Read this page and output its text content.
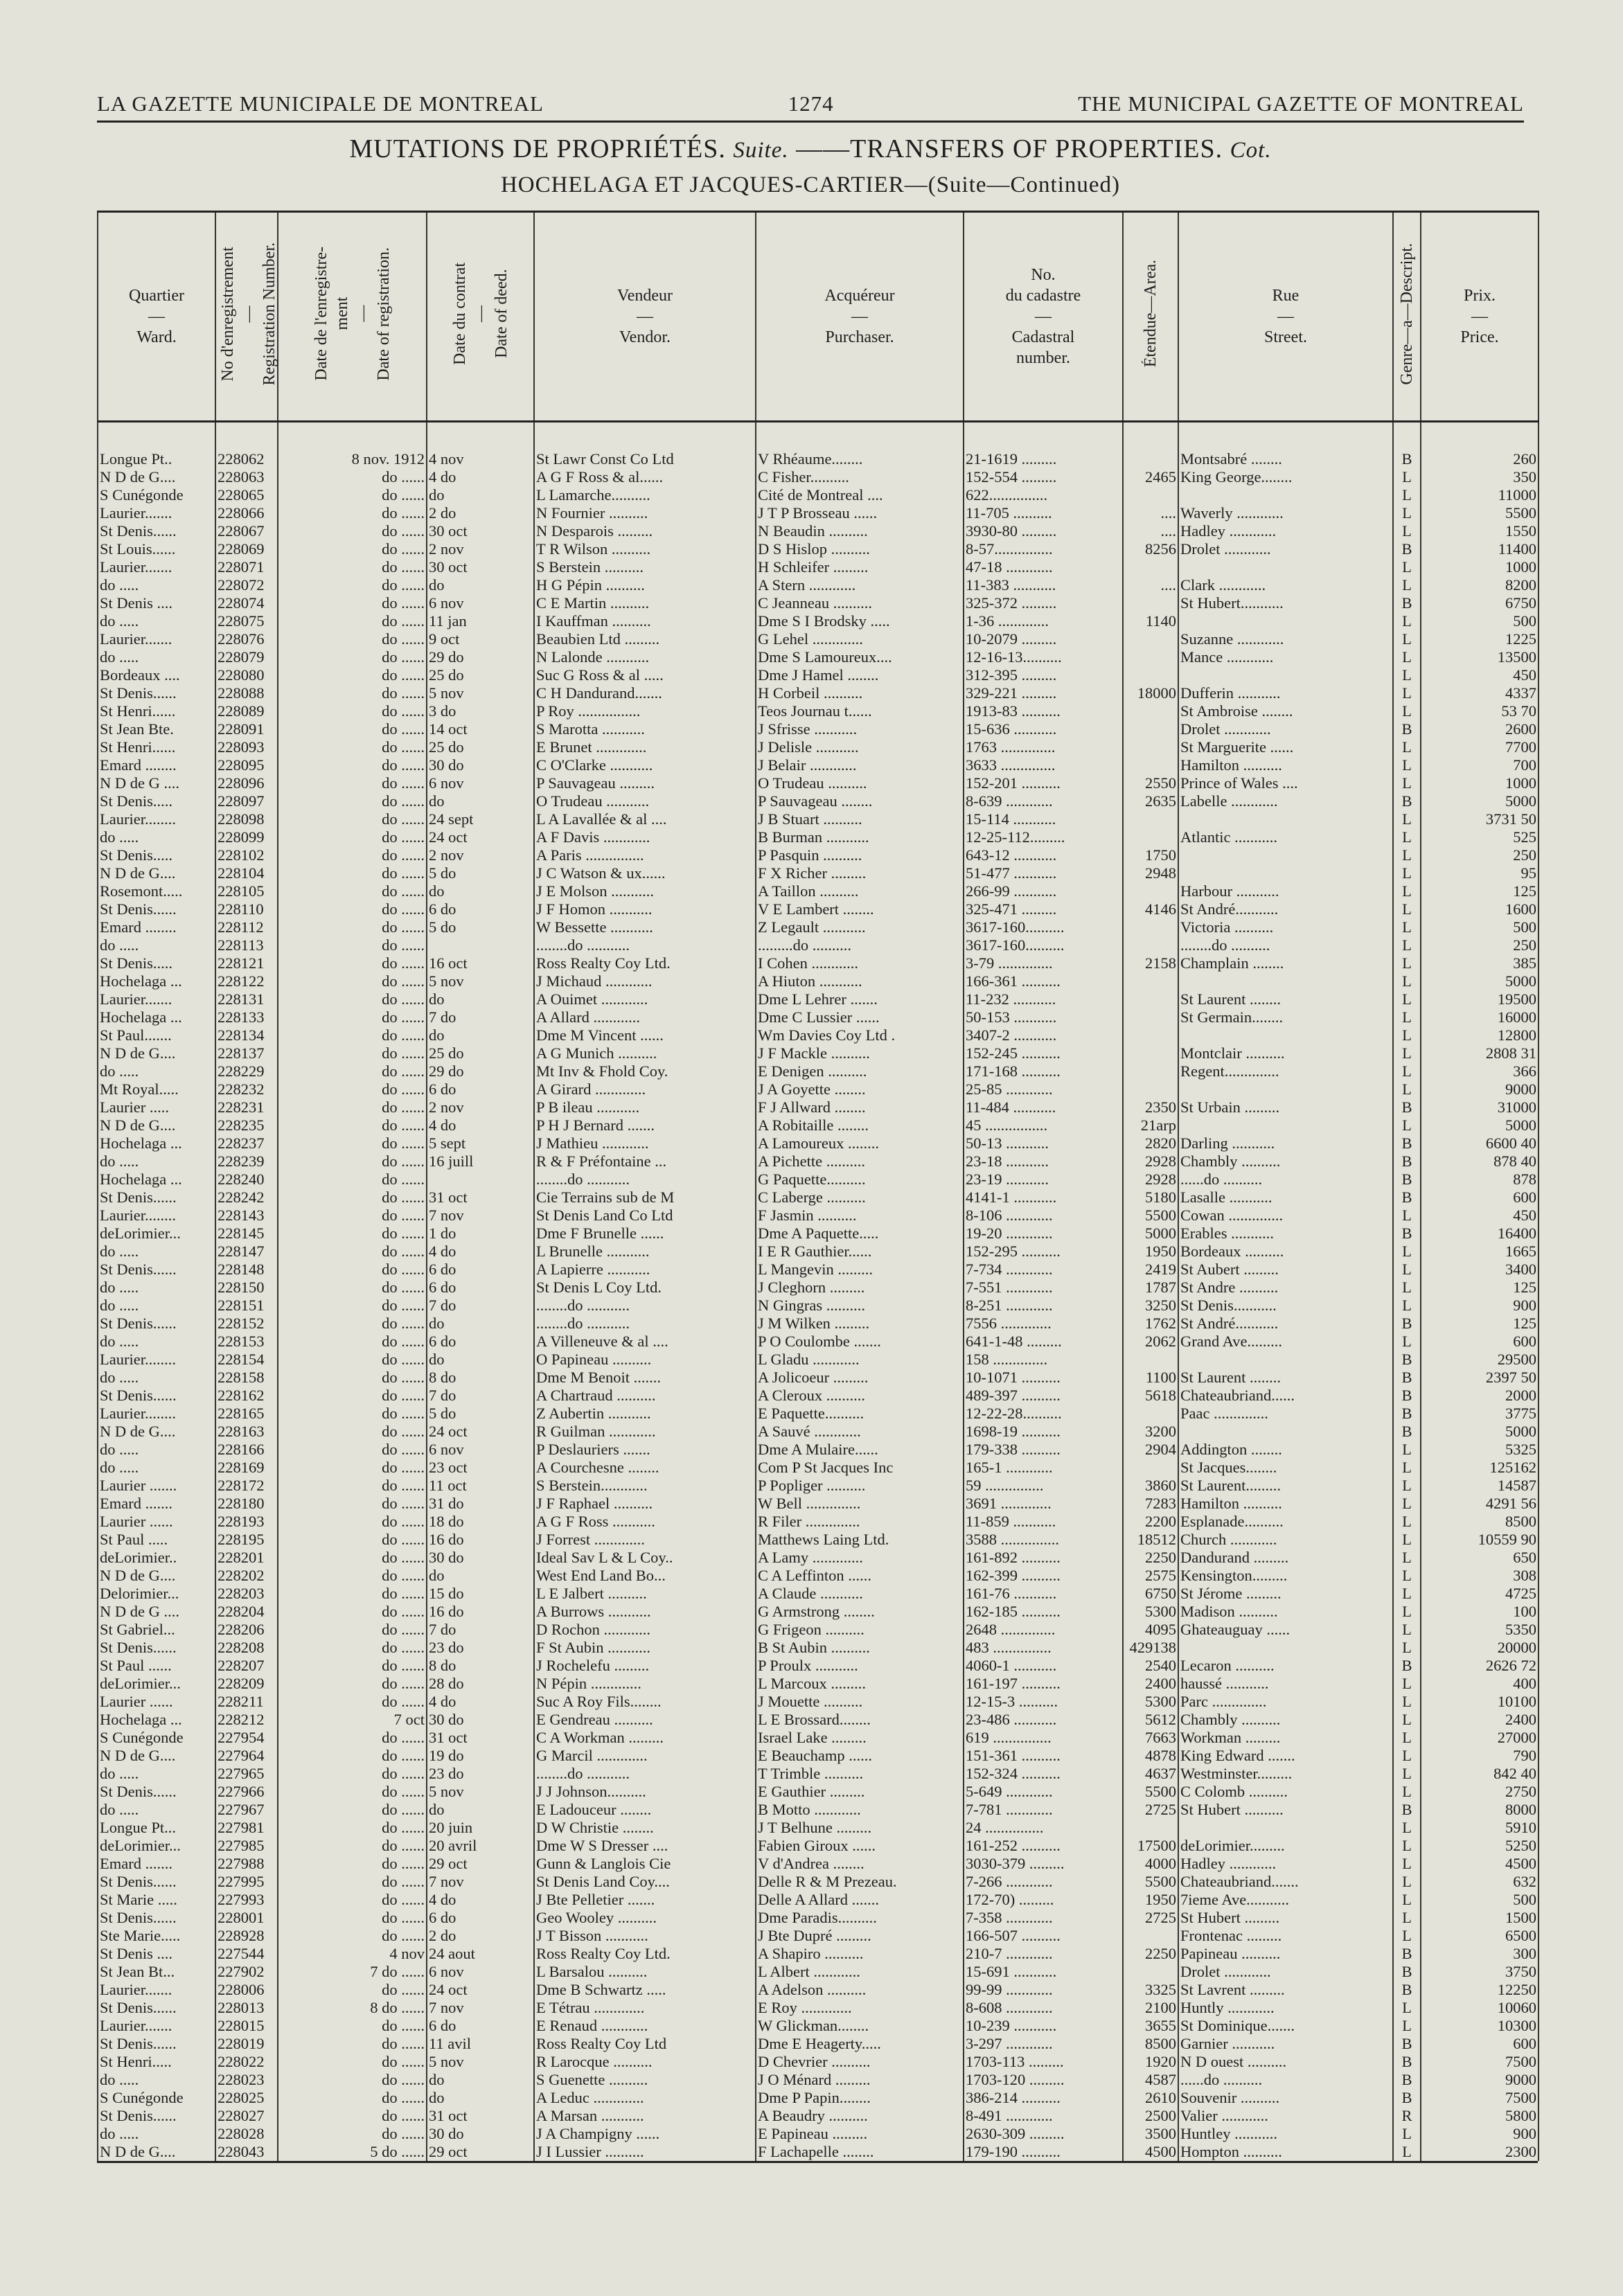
LA GAZETTE MUNICIPALE DE MONTREAL	1274	THE MUNICIPAL GAZETTE OF MONTREAL
MUTATIONS DE PROPRIÉTÉS. Suite. ——TRANSFERS OF PROPERTIES. Cot.
HOCHELAGA ET JACQUES-CARTIER—(Suite—Continued)
Quartier
—
Ward.	No d'enregistrement
—
Registration Number.	Date de l'enregistre-
ment
—
Date of registration.	Date du contrat
—
Date of deed.	Vendeur
—
Vendor.	Acquéreur
—
Purchaser.	No.
du cadastre
—
Cadastral
number.	Étendue—Area.	Rue
—
Street.	Genre—a—Descript.	Prix.
—
Price.
Longue Pt..	228062	8 nov. 1912	4 nov	St Lawr Const Co Ltd	V Rhéaume........	21-1619 .........		Montsabré ........	B	260
N D de G....	228063	do ......	4 do	A G F Ross & al......	C Fisher..........	152-554 .........	2465	King George........	L	350
S Cunégonde	228065	do ......	do	L Lamarche..........	Cité de Montreal ....	622...............			L	11000
Laurier.......	228066	do ......	2 do	N Fournier ..........	J T P Brosseau ......	11-705 ..........	....	Waverly ............	L	5500
St Denis......	228067	do ......	30 oct	N Desparois .........	N Beaudin ..........	3930-80 .........	....	Hadley ............	L	1550
St Louis......	228069	do ......	2 nov	T R Wilson ..........	D S Hislop ..........	8-57...............	8256	Drolet ............	B	11400
Laurier.......	228071	do ......	30 oct	S Berstein ..........	H Schleifer .........	47-18 ............			L	1000
do .....	228072	do ......	do	H G Pépin ..........	A Stern ............	11-383 ...........	....	Clark ............	L	8200
St Denis ....	228074	do ......	6 nov	C E Martin ..........	C Jeanneau ..........	325-372 .........		St Hubert...........	B	6750
do .....	228075	do ......	11 jan	I Kauffman ..........	Dme S I Brodsky .....	1-36 .............	1140		L	500
Laurier.......	228076	do ......	9 oct	Beaubien Ltd .........	G Lehel .............	10-2079 .........		Suzanne ............	L	1225
do .....	228079	do ......	29 do	N Lalonde ...........	Dme S Lamoureux....	12-16-13..........		Mance ............	L	13500
Bordeaux ....	228080	do ......	25 do	Suc G Ross & al .....	Dme J Hamel ........	312-395 .........			L	450
St Denis......	228088	do ......	5 nov	C H Dandurand.......	H Corbeil ..........	329-221 .........	18000	Dufferin ...........	L	4337
St Henri......	228089	do ......	3 do	P Roy ................	Teos Journau t......	1913-83 ..........		St Ambroise ........	L	53 70
St Jean Bte.	228091	do ......	14 oct	S Marotta ...........	J Sfrisse ...........	15-636 ...........		Drolet ............	B	2600
St Henri......	228093	do ......	25 do	E Brunet .............	J Delisle ...........	1763 ..............		St Marguerite ......	L	7700
Emard ........	228095	do ......	30 do	C O'Clarke ...........	J Belair ............	3633 ..............		Hamilton ..........	L	700
N D de G ....	228096	do ......	6 nov	P Sauvageau .........	O Trudeau ..........	152-201 ..........	2550	Prince of Wales ....	L	1000
St Denis.....	228097	do ......	do	O Trudeau ...........	P Sauvageau ........	8-639 ............	2635	Labelle ............	B	5000
Laurier........	228098	do ......	24 sept	L A Lavallée & al ....	J B Stuart ..........	15-114 ...........			L	3731 50
do .....	228099	do ......	24 oct	A F Davis ............	B Burman ...........	12-25-112.........		Atlantic ...........	L	525
St Denis.....	228102	do ......	2 nov	A Paris ...............	P Pasquin ..........	643-12 ...........	1750		L	250
N D de G....	228104	do ......	5 do	J C Watson & ux......	F X Richer .........	51-477 ...........	2948		L	95
Rosemont.....	228105	do ......	do	J E Molson ...........	A Taillon ..........	266-99 ...........		Harbour ...........	L	125
St Denis......	228110	do ......	6 do	J F Homon ...........	V E Lambert ........	325-471 .........	4146	St André...........	L	1600
Emard ........	228112	do ......	5 do	W Bessette ...........	Z Legault ...........	3617-160..........		Victoria ..........	L	500
do .....	228113	do ......		........do ...........	.........do ..........	3617-160..........		........do ..........	L	250
St Denis.....	228121	do ......	16 oct	Ross Realty Coy Ltd.	I Cohen ............	3-79 ..............	2158	Champlain ........	L	385
Hochelaga ...	228122	do ......	5 nov	J Michaud ............	A Hiuton ...........	166-361 ..........			L	5000
Laurier.......	228131	do ......	do	A Ouimet ............	Dme L Lehrer .......	11-232 ...........		St Laurent ........	L	19500
Hochelaga ...	228133	do ......	7 do	A Allard ............	Dme C Lussier ......	50-153 ...........		St Germain........	L	16000
St Paul.......	228134	do ......	do	Dme M Vincent ......	Wm Davies Coy Ltd .	3407-2 ...........			L	12800
N D de G....	228137	do ......	25 do	A G Munich ..........	J F Mackle ..........	152-245 ..........		Montclair ..........	L	2808 31
do .....	228229	do ......	29 do	Mt Inv & Fhold Coy.	E Denigen ..........	171-168 ..........		Regent..............	L	366
Mt Royal.....	228232	do ......	6 do	A Girard .............	J A Goyette ........	25-85 ............			L	9000
Laurier .....	228231	do ......	2 nov	P B ileau ...........	F J Allward ........	11-484 ...........	2350	St Urbain .........	B	31000
N D de G....	228235	do ......	4 do	P H J Bernard .......	A Robitaille ........	45 ................	21arp		L	5000
Hochelaga ...	228237	do ......	5 sept	J Mathieu ............	A Lamoureux ........	50-13 ...........	2820	Darling ...........	B	6600 40
do .....	228239	do ......	16 juill	R & F Préfontaine ...	A Pichette ..........	23-18 ...........	2928	Chambly ..........	B	878 40
Hochelaga ...	228240	do ......		........do ...........	G Paquette..........	23-19 ...........	2928	......do ..........	B	878
St Denis......	228242	do ......	31 oct	Cie Terrains sub de M	C Laberge ..........	4141-1 ...........	5180	Lasalle ...........	B	600
Laurier........	228143	do ......	7 nov	St Denis Land Co Ltd	F Jasmin ..........	8-106 ............	5500	Cowan ..............	L	450
deLorimier...	228145	do ......	1 do	Dme F Brunelle ......	Dme A Paquette.....	19-20 ............	5000	Erables ...........	B	16400
do .....	228147	do ......	4 do	L Brunelle ...........	I E R Gauthier......	152-295 ..........	1950	Bordeaux ..........	L	1665
St Denis......	228148	do ......	6 do	A Lapierre ...........	L Mangevin .........	7-734 ............	2419	St Aubert .........	L	3400
do .....	228150	do ......	6 do	St Denis L Coy Ltd.	J Cleghorn .........	7-551 ............	1787	St Andre ..........	L	125
do .....	228151	do ......	7 do	........do ...........	N Gingras ..........	8-251 ............	3250	St Denis...........	L	900
St Denis......	228152	do ......	do	........do ...........	J M Wilken .........	7556 .............	1762	St André...........	B	125
do .....	228153	do ......	6 do	A Villeneuve & al ....	P O Coulombe .......	641-1-48 .........	2062	Grand Ave.........	L	600
Laurier........	228154	do ......	do	O Papineau ..........	L Gladu ............	158 ..............			B	29500
do .....	228158	do ......	8 do	Dme M Benoit .......	A Jolicoeur .........	10-1071 ..........	1100	St Laurent ........	B	2397 50
St Denis......	228162	do ......	7 do	A Chartraud ..........	A Cleroux ..........	489-397 ..........	5618	Chateaubriand......	B	2000
Laurier........	228165	do ......	5 do	Z Aubertin ...........	E Paquette..........	12-22-28..........		Paac ..............	B	3775
N D de G....	228163	do ......	24 oct	R Guilman ............	A Sauvé ............	1698-19 ..........	3200		B	5000
do .....	228166	do ......	6 nov	P Deslauriers .......	Dme A Mulaire......	179-338 ..........	2904	Addington ........	L	5325
do .....	228169	do ......	23 oct	A Courchesne ........	Com P St Jacques Inc	165-1 ............		St Jacques........	L	125162
Laurier .......	228172	do ......	11 oct	S Berstein............	P Popliger ..........	59 ...............	3860	St Laurent.........	L	14587
Emard .......	228180	do ......	31 do	J F Raphael ..........	W Bell ..............	3691 .............	7283	Hamilton ..........	L	4291 56
Laurier ......	228193	do ......	18 do	A G F Ross ...........	R Filer ..............	11-859 ...........	2200	Esplanade..........	L	8500
St Paul .....	228195	do ......	16 do	J Forrest .............	Matthews Laing Ltd.	3588 ...............	18512	Church ............	L	10559 90
deLorimier..	228201	do ......	30 do	Ideal Sav L & L Coy..	A Lamy .............	161-892 ..........	2250	Dandurand .........	L	650
N D de G....	228202	do ......	do	West End Land Bo...	C A Leffinton ......	162-399 ..........	2575	Kensington.........	L	308
Delorimier...	228203	do ......	15 do	L E Jalbert ..........	A Claude ...........	161-76 ...........	6750	St Jérome .........	L	4725
N D de G ....	228204	do ......	16 do	A Burrows ...........	G Armstrong ........	162-185 ..........	5300	Madison ..........	L	100
St Gabriel...	228206	do ......	7 do	D Rochon ............	G Frigeon ..........	2648 ..............	4095	Ghateauguay ......	L	5350
St Denis......	228208	do ......	23 do	F St Aubin ...........	B St Aubin ..........	483 ...............	429138		L	20000
St Paul ......	228207	do ......	8 do	J Rochelefu .........	P Proulx ...........	4060-1 ...........	2540	Lecaron ..........	B	2626 72
deLorimier...	228209	do ......	28 do	N Pépin .............	L Marcoux .........	161-197 ..........	2400	haussé ...........	L	400
Laurier ......	228211	do ......	4 do	Suc A Roy Fils........	J Mouette ..........	12-15-3 ..........	5300	Parc ..............	L	10100
Hochelaga ...	228212	7 oct	30 do	E Gendreau ..........	L E Brossard........	23-486 ...........	5612	Chambly ..........	L	2400
S Cunégonde	227954	do ......	31 oct	C A Workman .........	Israel Lake .........	619 ...............	7663	Workman .........	L	27000
N D de G....	227964	do ......	19 do	G Marcil .............	E Beauchamp ......	151-361 ..........	4878	King Edward .......	L	790
do .....	227965	do ......	23 do	........do ...........	T Trimble ..........	152-324 ..........	4637	Westminster.........	L	842 40
St Denis......	227966	do ......	5 nov	J J Johnson..........	E Gauthier .........	5-649 ............	5500	C Colomb ..........	L	2750
do .....	227967	do ......	do	E Ladouceur ........	B Motto ............	7-781 ............	2725	St Hubert ..........	B	8000
Longue Pt...	227981	do ......	20 juin	D W Christie ........	J T Belhune .........	24 ...............			L	5910
deLorimier...	227985	do ......	20 avril	Dme W S Dresser ....	Fabien Giroux ......	161-252 ..........	17500	deLorimier.........	L	5250
Emard .......	227988	do ......	29 oct	Gunn & Langlois Cie	V d'Andrea ........	3030-379 .........	4000	Hadley ............	L	4500
St Denis......	227995	do ......	7 nov	St Denis Land Coy....	Delle R & M Prezeau.	7-266 ............	5500	Chateaubriand.......	L	632
St Marie .....	227993	do ......	4 do	J Bte Pelletier .......	Delle A Allard .......	172-70) .........	1950	7ieme Ave...........	L	500
St Denis......	228001	do ......	6 do	Geo Wooley ..........	Dme Paradis..........	7-358 ............	2725	St Hubert .........	L	1500
Ste Marie.....	228928	do ......	2 do	J T Bisson ...........	J Bte Dupré .........	166-507 ..........		Frontenac .........	L	6500
St Denis ....	227544	4 nov	24 aout	Ross Realty Coy Ltd.	A Shapiro ..........	210-7 ............	2250	Papineau ..........	B	300
St Jean Bt...	227902	7 do ......	6 nov	L Barsalou ..........	L Albert ............	15-691 ...........		Drolet ............	B	3750
Laurier.......	228006	do ......	24 oct	Dme B Schwartz .....	A Adelson ..........	99-99 ............	3325	St Lavrent .........	B	12250
St Denis......	228013	8 do ......	7 nov	E Tétrau .............	E Roy .............	8-608 ............	2100	Huntly ............	L	10060
Laurier.......	228015	do ......	6 do	E Renaud ............	W Glickman........	10-239 ...........	3655	St Dominique.......	L	10300
St Denis......	228019	do ......	11 avil	Ross Realty Coy Ltd	Dme E Heagerty.....	3-297 ............	8500	Garnier ...........	B	600
St Henri.....	228022	do ......	5 nov	R Larocque ..........	D Chevrier ..........	1703-113 .........	1920	N D ouest ..........	B	7500
do .....	228023	do ......	do	S Guenette ..........	J O Ménard .........	1703-120 .........	4587	......do ..........	B	9000
S Cunégonde	228025	do ......	do	A Leduc .............	Dme P Papin........	386-214 ..........	2610	Souvenir ..........	B	7500
St Denis......	228027	do ......	31 oct	A Marsan ...........	A Beaudry ..........	8-491 ............	2500	Valier ............	R	5800
do .....	228028	do ......	30 do	J A Champigny ......	E Papineau .........	2630-309 .........	3500	Huntley ...........	L	900
N D de G....	228043	5 do ......	29 oct	J I Lussier ..........	F Lachapelle ........	179-190 ..........	4500	Hompton ..........	L	2300
